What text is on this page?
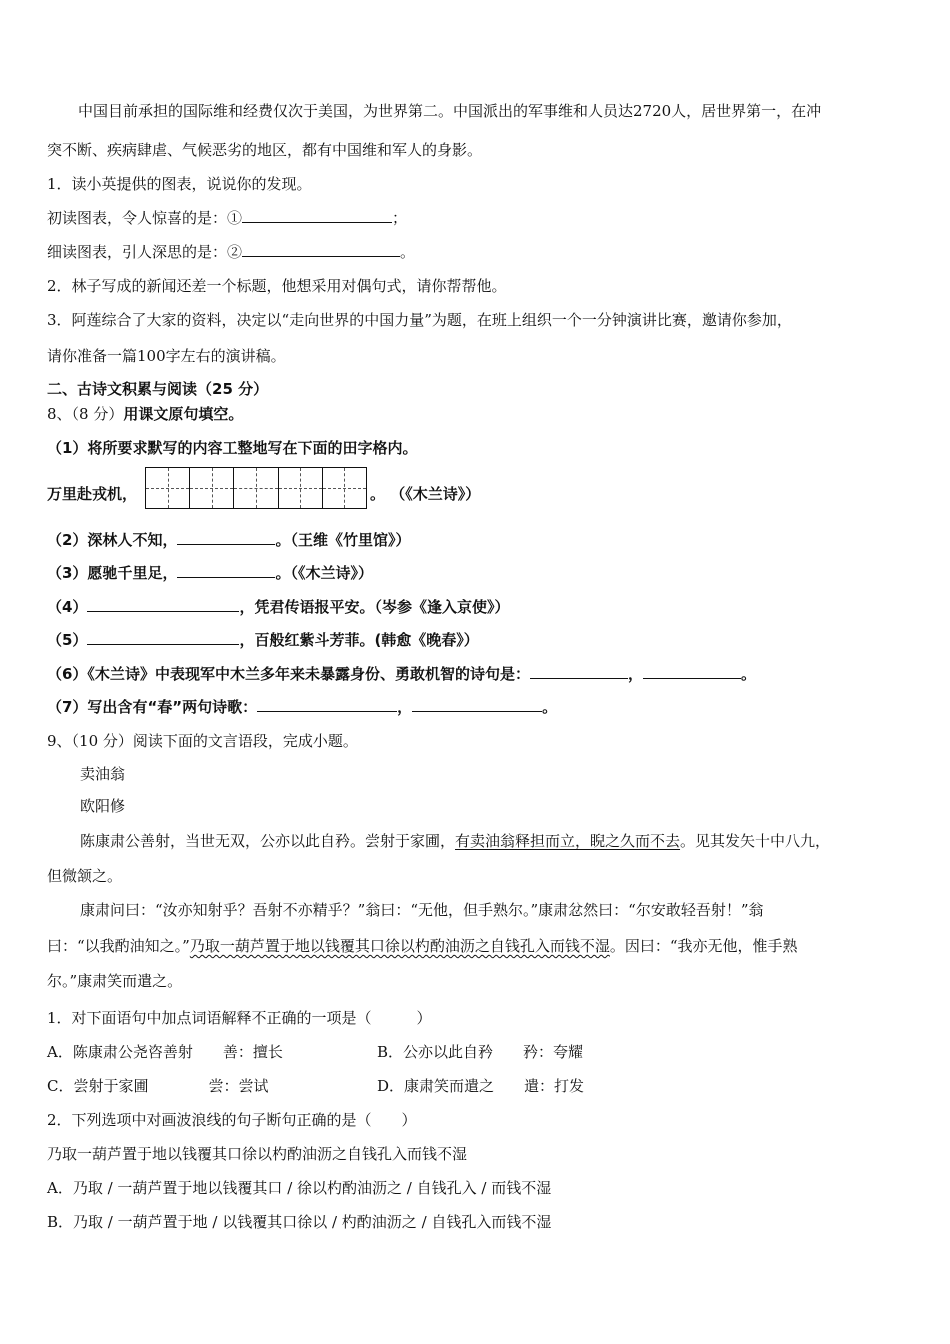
中国目前承担的国际维和经费仅次于美国，为世界第二。中国派出的军事维和人员达2720人，居世界第一，在冲
突不断、疾病肆虐、气候恶劣的地区，都有中国维和军人的身影。
1．读小英提供的图表，说说你的发现。
初读图表，令人惊喜的是：①	；
细读图表，引人深思的是：②	。
2．林子写成的新闻还差一个标题，他想采用对偶句式，请你帮帮他。
3．阿莲综合了大家的资料，决定以“走向世界的中国力量”为题，在班上组织一个一分钟演讲比赛，邀请你参加，
请你准备一篇100字左右的演讲稿。
二、古诗文积累与阅读（25 分）
8、（8 分）用课文原句填空。
（1）将所要求默写的内容工整地写在下面的田字格内。
万里赴戎机，	。 （《木兰诗》）
（2）深林人不知，	。（王维《竹里馆》）
（3）愿驰千里足，	。（《木兰诗》）
（4）	，凭君传语报平安。（岑参《逢入京使》）
（5）	，百般红紫斗芳菲。(韩愈《晚春》）
（6）《木兰诗》中表现军中木兰多年来未暴露身份、勇敢机智的诗句是：	，	。
（7）写出含有“春”两句诗歌：	，	。
9、（10 分）阅读下面的文言语段，完成小题。
卖油翁
欧阳修
陈康肃公善射，当世无双，公亦以此自矜。尝射于家圃，有卖油翁释担而立，睨之久而不去。见其发矢十中八九，
但微颔之。
康肃问曰：“汝亦知射乎？吾射不亦精乎？”翁曰：“无他，但手熟尔。”康肃忿然曰：“尔安敢轻吾射！”翁
曰：“以我酌油知之。”乃取一葫芦置于地以钱覆其口徐以杓酌油沥之自钱孔入而钱不湿。因曰：“我亦无他，惟手熟
尔。”康肃笑而遣之。
1．对下面语句中加点词语解释不正确的一项是（　　　）
A．陈康肃公尧咨善射　　善：擅长	B．公亦以此自矜　　矜：夸耀
C．尝射于家圃　　　　尝：尝试	D．康肃笑而遣之　　遣：打发
2．下列选项中对画波浪线的句子断句正确的是（　　）
乃取一葫芦置于地以钱覆其口徐以杓酌油沥之自钱孔入而钱不湿
A．乃取 / 一葫芦置于地以钱覆其口 / 徐以杓酌油沥之 / 自钱孔入 / 而钱不湿
B．乃取 / 一葫芦置于地 / 以钱覆其口徐以 / 杓酌油沥之 / 自钱孔入而钱不湿
